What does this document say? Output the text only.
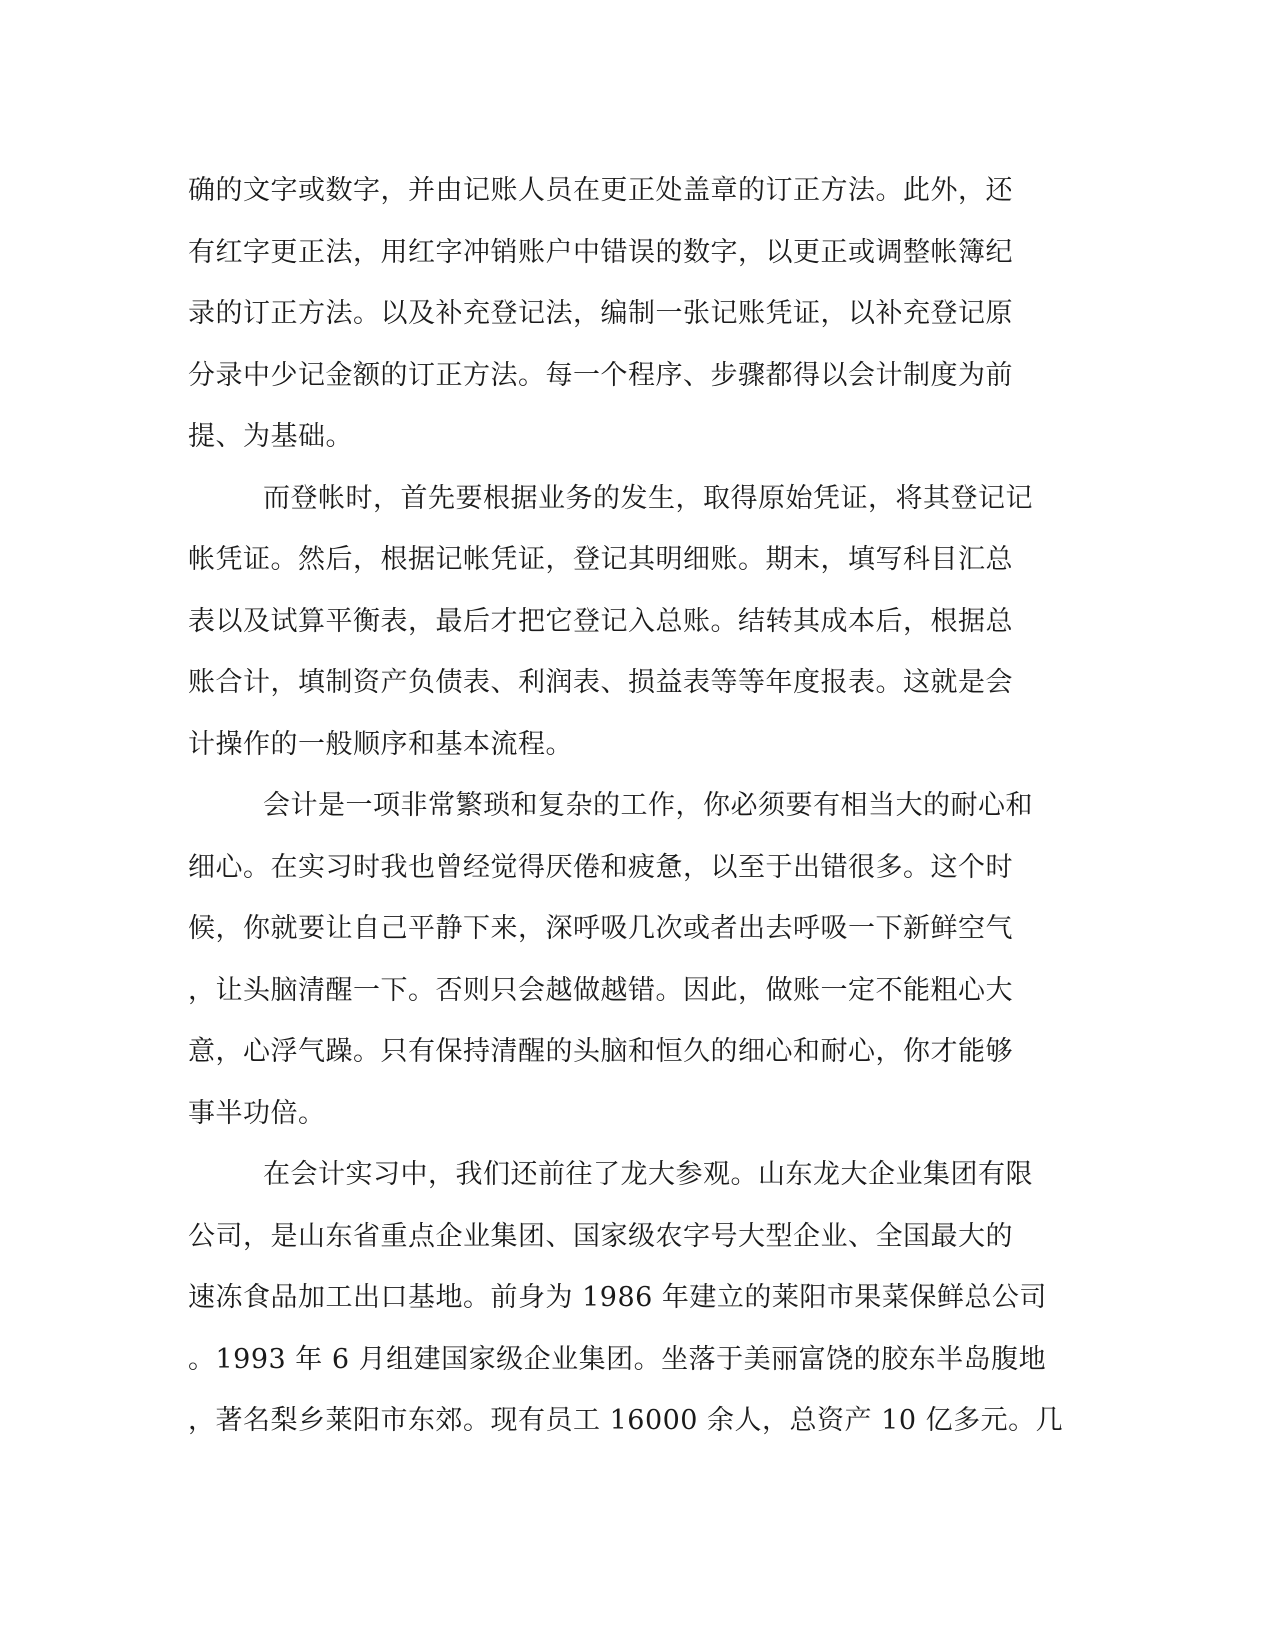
确的文字或数字，并由记账人员在更正处盖章的订正方法。此外，还
有红字更正法，用红字冲销账户中错误的数字，以更正或调整帐簿纪
录的订正方法。以及补充登记法，编制一张记账凭证，以补充登记原
分录中少记金额的订正方法。每一个程序、步骤都得以会计制度为前
提、为基础。
而登帐时，首先要根据业务的发生，取得原始凭证，将其登记记
帐凭证。然后，根据记帐凭证，登记其明细账。期末，填写科目汇总
表以及试算平衡表，最后才把它登记入总账。结转其成本后，根据总
账合计，填制资产负债表、利润表、损益表等等年度报表。这就是会
计操作的一般顺序和基本流程。
会计是一项非常繁琐和复杂的工作，你必须要有相当大的耐心和
细心。在实习时我也曾经觉得厌倦和疲惫，以至于出错很多。这个时
候，你就要让自己平静下来，深呼吸几次或者出去呼吸一下新鲜空气
，让头脑清醒一下。否则只会越做越错。因此，做账一定不能粗心大
意，心浮气躁。只有保持清醒的头脑和恒久的细心和耐心，你才能够
事半功倍。
在会计实习中，我们还前往了龙大参观。山东龙大企业集团有限
公司，是山东省重点企业集团、国家级农字号大型企业、全国最大的
速冻食品加工出口基地。前身为 1986 年建立的莱阳市果菜保鲜总公司
。1993 年 6 月组建国家级企业集团。坐落于美丽富饶的胶东半岛腹地
，著名梨乡莱阳市东郊。现有员工 16000 余人，总资产 10 亿多元。几
